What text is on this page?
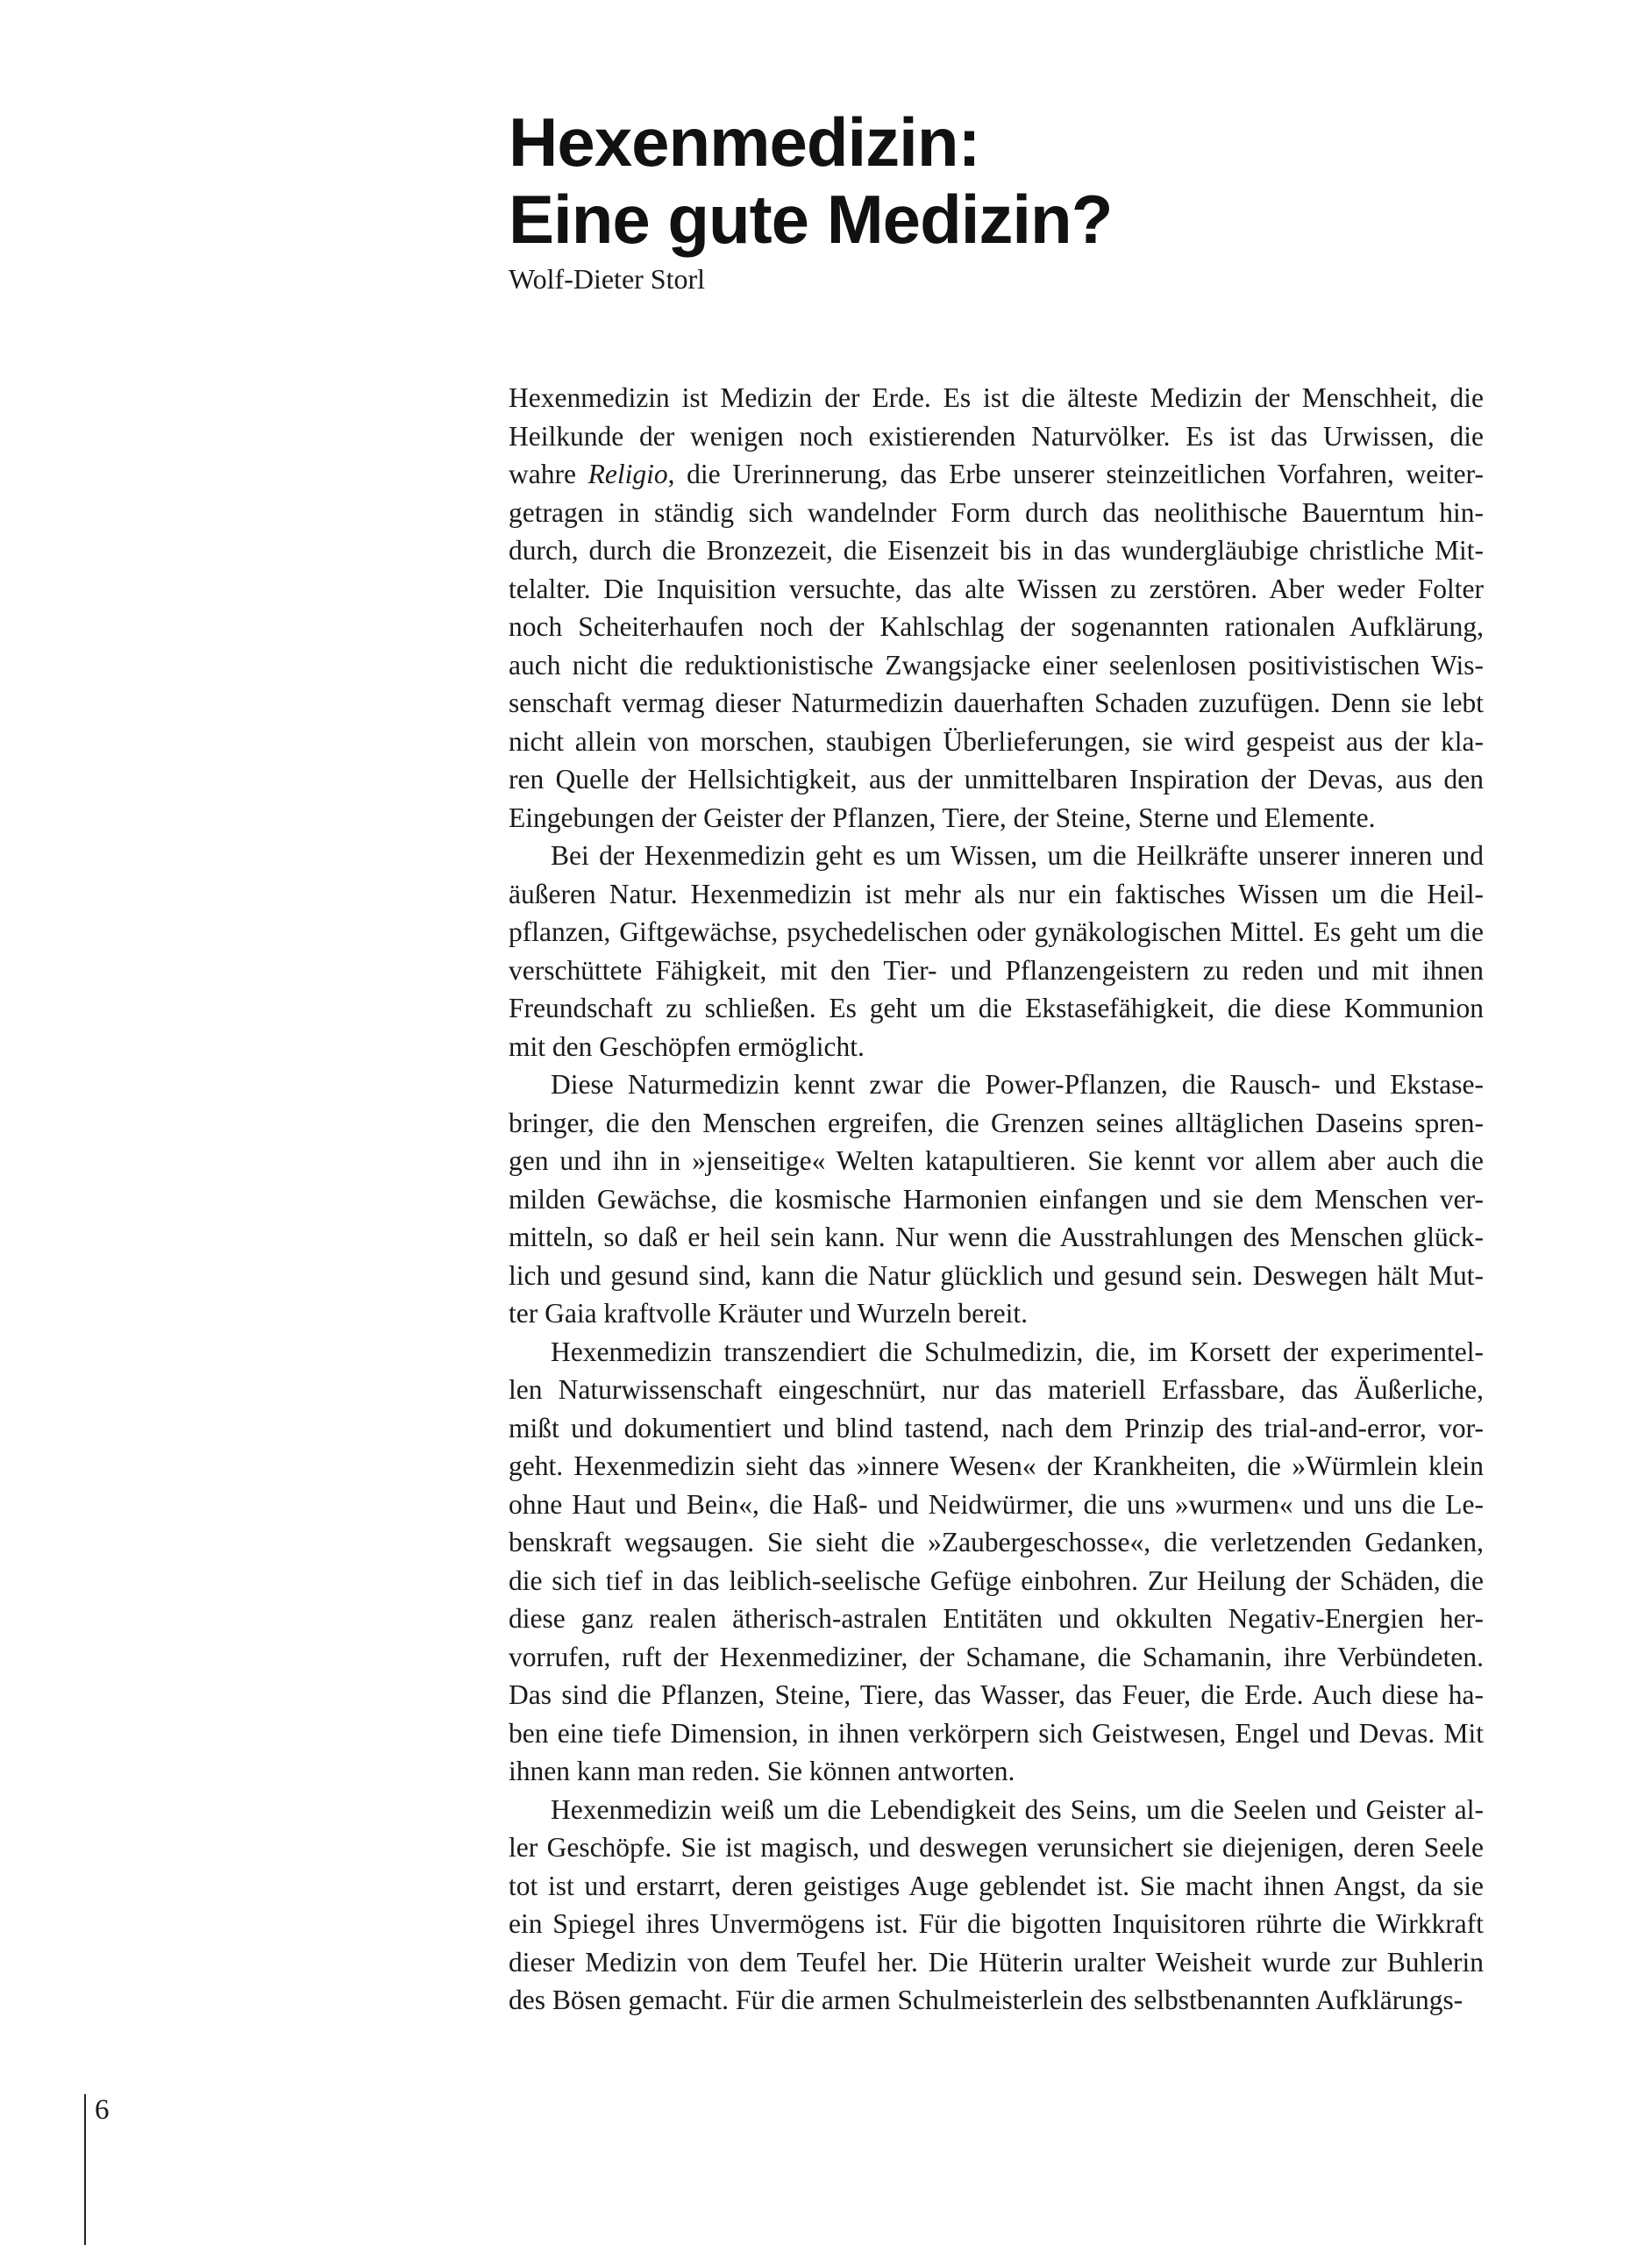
Hexenmedizin:
Eine gute Medizin?
Wolf-Dieter Storl
Hexenmedizin ist Medizin der Erde. Es ist die älteste Medizin der Menschheit, die
Heilkunde der wenigen noch existierenden Naturvölker. Es ist das Urwissen, die
wahre Religio, die Urerinnerung, das Erbe unserer steinzeitlichen Vorfahren, weiter-
getragen in ständig sich wandelnder Form durch das neolithische Bauerntum hin-
durch, durch die Bronzezeit, die Eisenzeit bis in das wundergläubige christliche Mit-
telalter. Die Inquisition versuchte, das alte Wissen zu zerstören. Aber weder Folter
noch Scheiterhaufen noch der Kahlschlag der sogenannten rationalen Aufklärung,
auch nicht die reduktionistische Zwangsjacke einer seelenlosen positivistischen Wis-
senschaft vermag dieser Naturmedizin dauerhaften Schaden zuzufügen. Denn sie lebt
nicht allein von morschen, staubigen Überlieferungen, sie wird gespeist aus der kla-
ren Quelle der Hellsichtigkeit, aus der unmittelbaren Inspiration der Devas, aus den
Eingebungen der Geister der Pflanzen, Tiere, der Steine, Sterne und Elemente.
Bei der Hexenmedizin geht es um Wissen, um die Heilkräfte unserer inneren und
äußeren Natur. Hexenmedizin ist mehr als nur ein faktisches Wissen um die Heil-
pflanzen, Giftgewächse, psychedelischen oder gynäkologischen Mittel. Es geht um die
verschüttete Fähigkeit, mit den Tier- und Pflanzengeistern zu reden und mit ihnen
Freundschaft zu schließen. Es geht um die Ekstasefähigkeit, die diese Kommunion
mit den Geschöpfen ermöglicht.
Diese Naturmedizin kennt zwar die Power-Pflanzen, die Rausch- und Ekstase-
bringer, die den Menschen ergreifen, die Grenzen seines alltäglichen Daseins spren-
gen und ihn in »jenseitige« Welten katapultieren. Sie kennt vor allem aber auch die
milden Gewächse, die kosmische Harmonien einfangen und sie dem Menschen ver-
mitteln, so daß er heil sein kann. Nur wenn die Ausstrahlungen des Menschen glück-
lich und gesund sind, kann die Natur glücklich und gesund sein. Deswegen hält Mut-
ter Gaia kraftvolle Kräuter und Wurzeln bereit.
Hexenmedizin transzendiert die Schulmedizin, die, im Korsett der experimentel-
len Naturwissenschaft eingeschnürt, nur das materiell Erfassbare, das Äußerliche,
mißt und dokumentiert und blind tastend, nach dem Prinzip des trial-and-error, vor-
geht. Hexenmedizin sieht das »innere Wesen« der Krankheiten, die »Würmlein klein
ohne Haut und Bein«, die Haß- und Neidwürmer, die uns »wurmen« und uns die Le-
benskraft wegsaugen. Sie sieht die »Zaubergeschosse«, die verletzenden Gedanken,
die sich tief in das leiblich-seelische Gefüge einbohren. Zur Heilung der Schäden, die
diese ganz realen ätherisch-astralen Entitäten und okkulten Negativ-Energien her-
vorrufen, ruft der Hexenmediziner, der Schamane, die Schamanin, ihre Verbündeten.
Das sind die Pflanzen, Steine, Tiere, das Wasser, das Feuer, die Erde. Auch diese ha-
ben eine tiefe Dimension, in ihnen verkörpern sich Geistwesen, Engel und Devas. Mit
ihnen kann man reden. Sie können antworten.
Hexenmedizin weiß um die Lebendigkeit des Seins, um die Seelen und Geister al-
ler Geschöpfe. Sie ist magisch, und deswegen verunsichert sie diejenigen, deren Seele
tot ist und erstarrt, deren geistiges Auge geblendet ist. Sie macht ihnen Angst, da sie
ein Spiegel ihres Unvermögens ist. Für die bigotten Inquisitoren rührte die Wirkkraft
dieser Medizin von dem Teufel her. Die Hüterin uralter Weisheit wurde zur Buhlerin
des Bösen gemacht. Für die armen Schulmeisterlein des selbstbenannten Aufklärungs-
6
